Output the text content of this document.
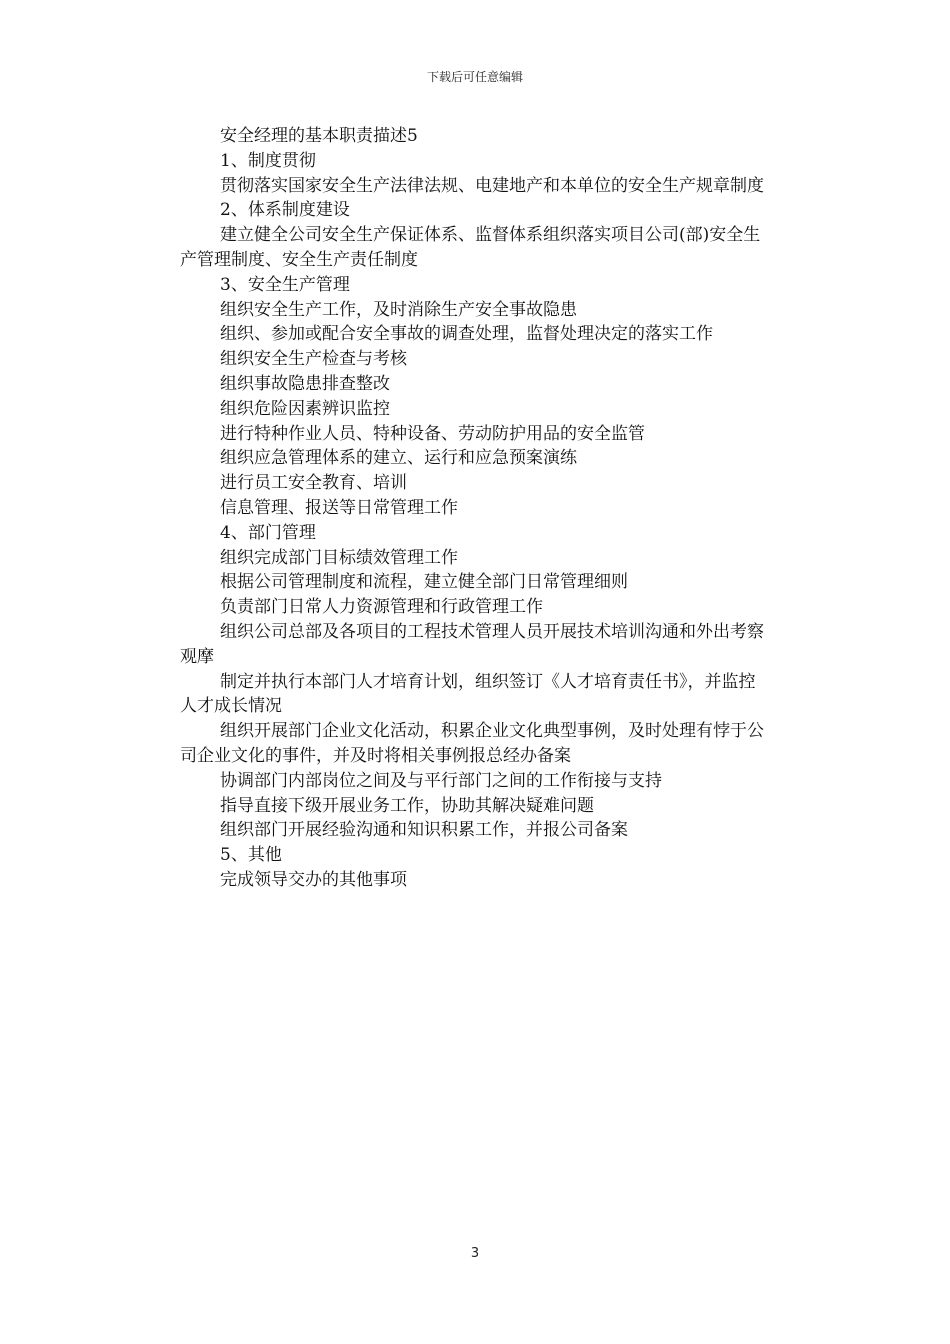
下载后可任意编辑

安全经理的基本职责描述5

1、制度贯彻

贯彻落实国家安全生产法律法规、电建地产和本单位的安全生产规章制度

2、体系制度建设

建立健全公司安全生产保证体系、监督体系组织落实项目公司(部)安全生产管理制度、安全生产责任制度

3、安全生产管理

组织安全生产工作，及时消除生产安全事故隐患

组织、参加或配合安全事故的调查处理，监督处理决定的落实工作

组织安全生产检查与考核

组织事故隐患排查整改

组织危险因素辨识监控

进行特种作业人员、特种设备、劳动防护用品的安全监管

组织应急管理体系的建立、运行和应急预案演练

进行员工安全教育、培训

信息管理、报送等日常管理工作

4、部门管理

组织完成部门目标绩效管理工作

根据公司管理制度和流程，建立健全部门日常管理细则

负责部门日常人力资源管理和行政管理工作

组织公司总部及各项目的工程技术管理人员开展技术培训沟通和外出考察观摩

制定并执行本部门人才培育计划，组织签订《人才培育责任书》，并监控人才成长情况

组织开展部门企业文化活动，积累企业文化典型事例，及时处理有悖于公司企业文化的事件，并及时将相关事例报总经办备案

协调部门内部岗位之间及与平行部门之间的工作衔接与支持

指导直接下级开展业务工作，协助其解决疑难问题

组织部门开展经验沟通和知识积累工作，并报公司备案

5、其他

完成领导交办的其他事项

3
